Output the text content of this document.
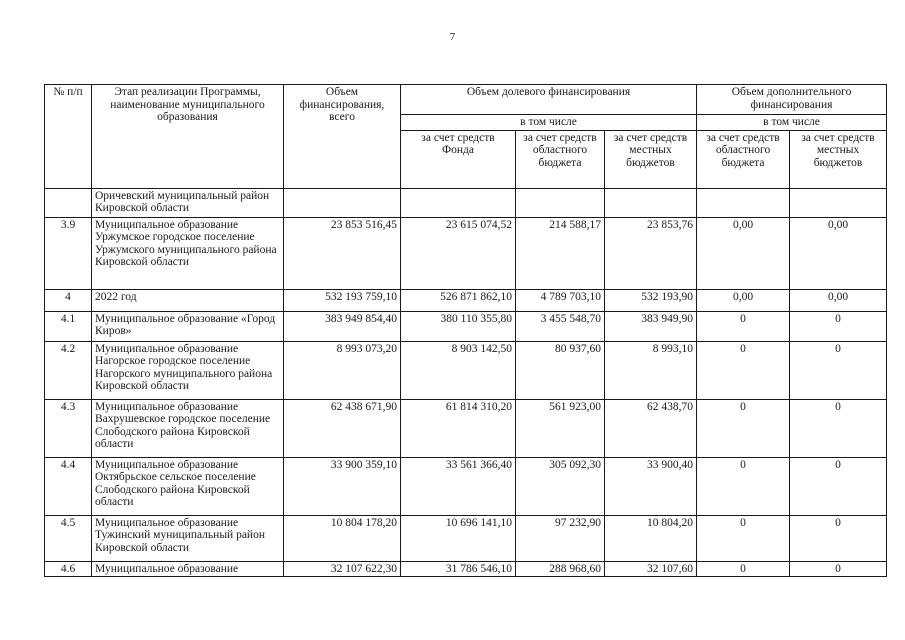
7
№ п/п	Этап реализации Программы, наименование муниципального образования	Объем финансирования, всего	Объем долевого финансирования			Объем дополнительного финансирования	
			в том числе			в том числе	
			за счет средств Фонда	за счет средств областного бюджета	за счет средств местных бюджетов	за счет средств областного бюджета	за счет средств местных бюджетов
	Оричевский муниципальный район Кировской области						
3.9	Муниципальное образование Уржумское городское поселение Уржумского муниципального района Кировской области	23 853 516,45	23 615 074,52	214 588,17	23 853,76	0,00	0,00
4	2022 год	532 193 759,10	526 871 862,10	4 789 703,10	532 193,90	0,00	0,00
4.1	Муниципальное образование «Город Киров»	383 949 854,40	380 110 355,80	3 455 548,70	383 949,90	0	0
4.2	Муниципальное образование Нагорское городское поселение Нагорского муниципального района Кировской области	8 993 073,20	8 903 142,50	80 937,60	8 993,10	0	0
4.3	Муниципальное образование Вахрушевское городское поселение Слободского района Кировской области	62 438 671,90	61 814 310,20	561 923,00	62 438,70	0	0
4.4	Муниципальное образование Октябрьское сельское поселение Слободского района Кировской области	33 900 359,10	33 561 366,40	305 092,30	33 900,40	0	0
4.5	Муниципальное образование Тужинский муниципальный район Кировской области	10 804 178,20	10 696 141,10	97 232,90	10 804,20	0	0
4.6	Муниципальное образование	32 107 622,30	31 786 546,10	288 968,60	32 107,60	0	0
